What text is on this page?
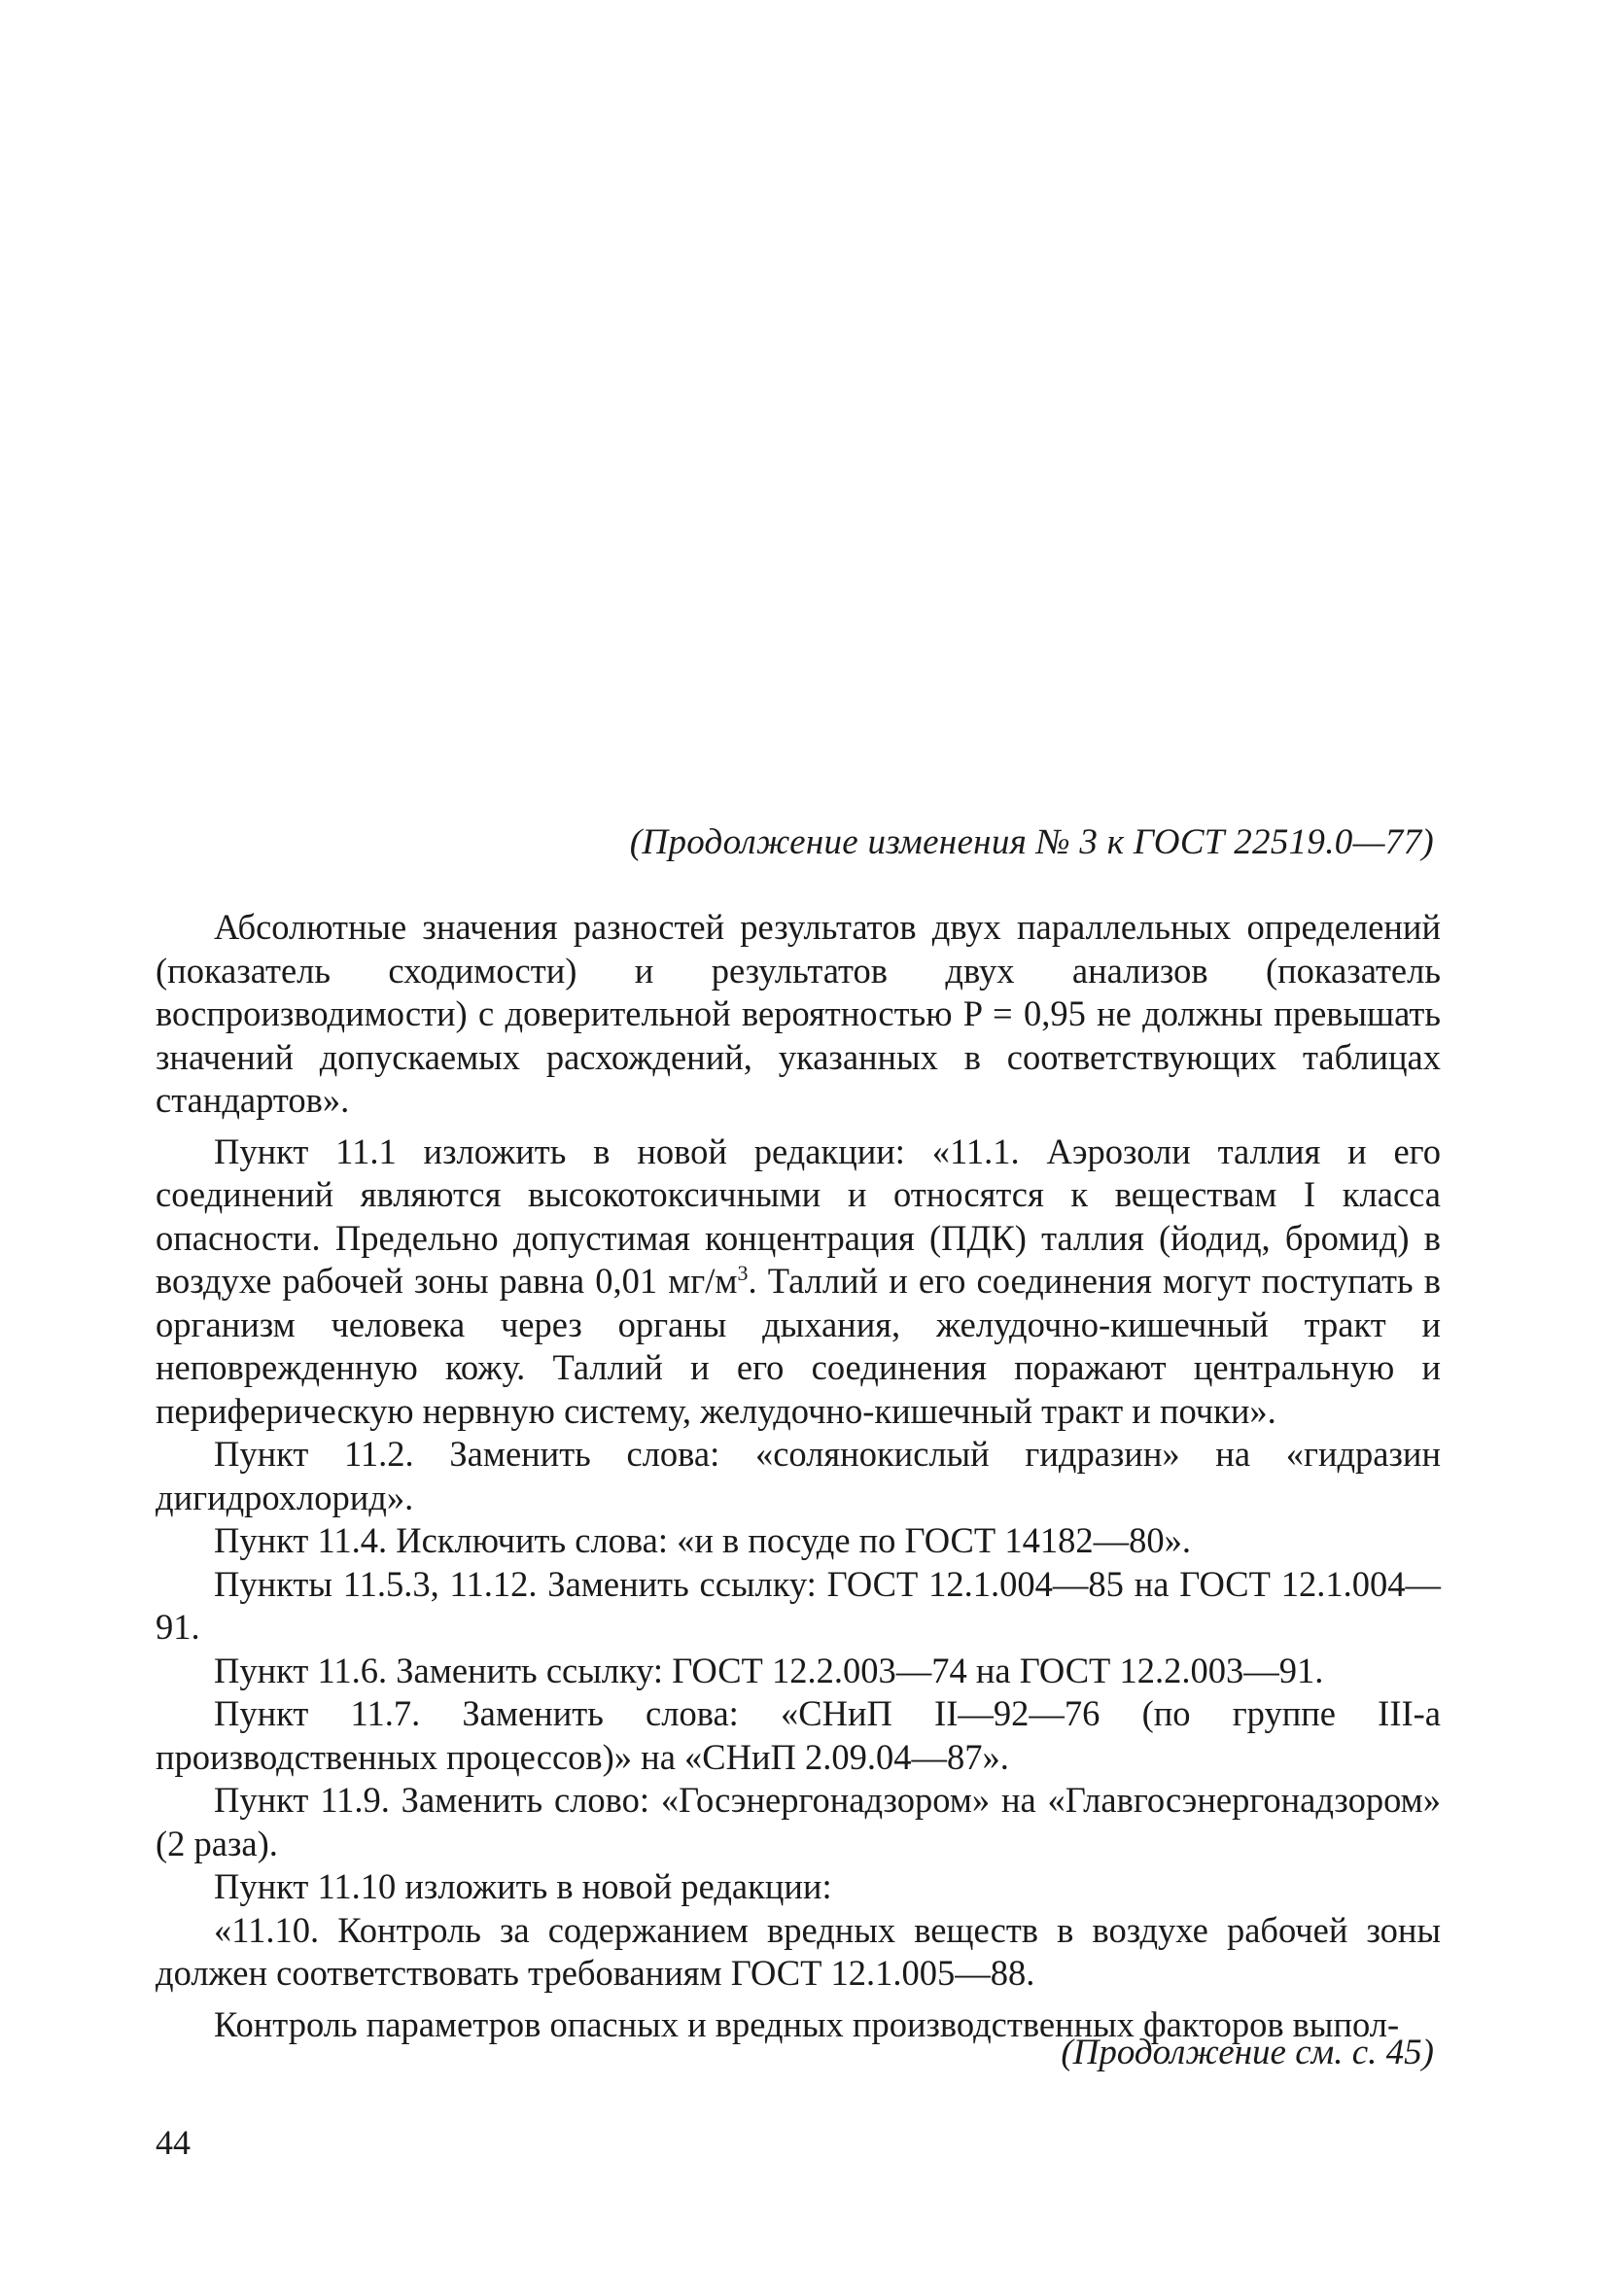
(Продолжение изменения № 3 к ГОСТ 22519.0—77)

Абсолютные значения разностей результатов двух параллельных определений (показатель сходимости) и результатов двух анализов (показатель воспроизводимости) с доверительной вероятностью P = 0,95 не должны превышать значений допускаемых расхождений, указанных в соответствующих таблицах стандартов».

Пункт 11.1 изложить в новой редакции: «11.1. Аэрозоли таллия и его соединений являются высокотоксичными и относятся к веществам I класса опасности. Предельно допустимая концентрация (ПДК) таллия (йодид, бромид) в воздухе рабочей зоны равна 0,01 $мг/м^3$. Таллий и его соединения могут поступать в организм человека через органы дыхания, желудочно-кишечный тракт и неповрежденную кожу. Таллий и его соединения поражают центральную и периферическую нервную систему, желудочно-кишечный тракт и почки».

Пункт 11.2. Заменить слова: «солянокислый гидразин» на «гидразин дигидрохлорид».

Пункт 11.4. Исключить слова: «и в посуде по ГОСТ 14182—80».

Пункты 11.5.3, 11.12. Заменить ссылку: ГОСТ 12.1.004—85 на ГОСТ 12.1.004—91.

Пункт 11.6. Заменить ссылку: ГОСТ 12.2.003—74 на ГОСТ 12.2.003—91.

Пункт 11.7. Заменить слова: «СНиП II—92—76 (по группе III-а производственных процессов)» на «СНиП 2.09.04—87».

Пункт 11.9. Заменить слово: «Госэнергонадзором» на «Главгосэнергонадзором» (2 раза).

Пункт 11.10 изложить в новой редакции:

«11.10. Контроль за содержанием вредных веществ в воздухе рабочей зоны должен соответствовать требованиям ГОСТ 12.1.005—88.

Контроль параметров опасных и вредных производственных факторов выпол-

(Продолжение см. с. 45)
44
